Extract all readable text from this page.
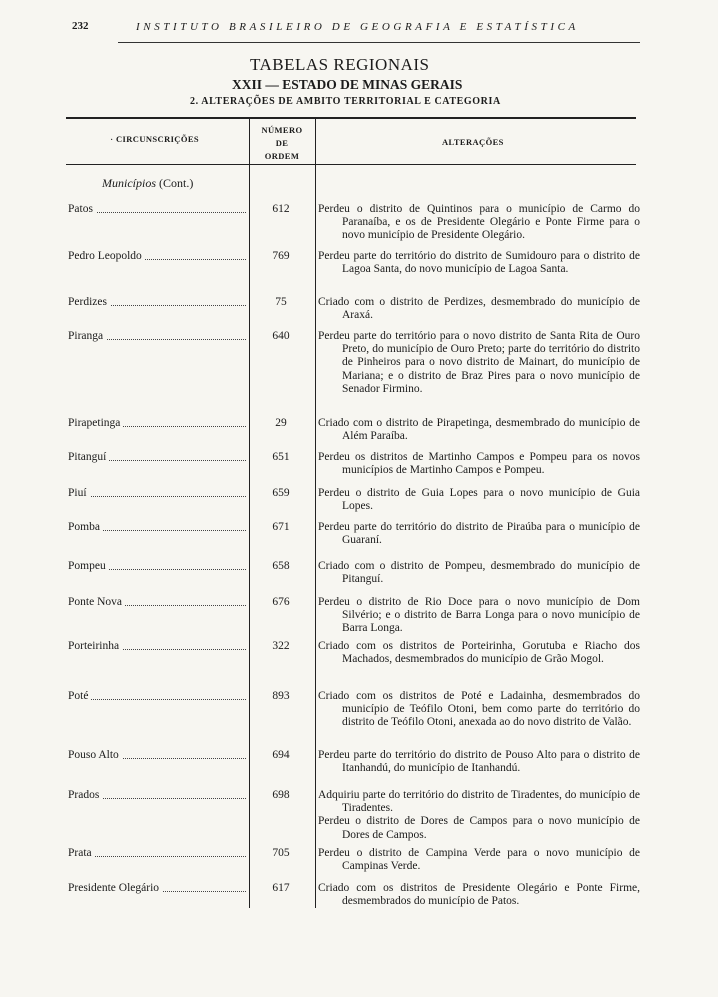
232	INSTITUTO BRASILEIRO DE GEOGRAFIA E ESTATÍSTICA
TABELAS REGIONAIS
XXII — ESTADO DE MINAS GERAIS
2. ALTERAÇÕES DE AMBITO TERRITORIAL E CATEGORIA
· CIRCUNSCRIÇÕES
NÚMERO
DE
ORDEM
ALTERAÇÕES
Municípios (Cont.)
Patos	612	Perdeu o distrito de Quintinos para o município de Carmo do Paranaíba, e os de Presidente Olegário e Ponte Firme para o novo município de Presidente Olegário.

Pedro Leopoldo	769	Perdeu parte do território do distrito de Sumidouro para o distrito de Lagoa Santa, do novo município de Lagoa Santa.

Perdizes	75	Criado com o distrito de Perdizes, desmembrado do município de Araxá.

Piranga	640	Perdeu parte do território para o novo distrito de Santa Rita de Ouro Preto, do município de Ouro Preto; parte do território do distrito de Pinheiros para o novo distrito de Mainart, do município de Mariana; e o distrito de Braz Pires para o novo município de Senador Firmino.

Pirapetinga	29	Criado com o distrito de Pirapetinga, desmembrado do município de Além Paraíba.

Pitanguí	651	Perdeu os distritos de Martinho Campos e Pompeu para os novos municípios de Martinho Campos e Pompeu.

Piuí	659	Perdeu o distrito de Guia Lopes para o novo município de Guia Lopes.

Pomba	671	Perdeu parte do território do distrito de Piraúba para o município de Guaraní.

Pompeu	658	Criado com o distrito de Pompeu, desmembrado do município de Pitanguí.

Ponte Nova	676	Perdeu o distrito de Rio Doce para o novo município de Dom Silvério; e o distrito de Barra Longa para o novo município de Barra Longa.

Porteirinha	322	Criado com os distritos de Porteirinha, Gorutuba e Riacho dos Machados, desmembrados do município de Grão Mogol.

Poté	893	Criado com os distritos de Poté e Ladainha, desmembrados do município de Teófilo Otoni, bem como parte do território do distrito de Teófilo Otoni, anexada ao do novo distrito de Valão.

Pouso Alto	694	Perdeu parte do território do distrito de Pouso Alto para o distrito de Itanhandú, do município de Itanhandú.

Prados	698	Adquiriu parte do território do distrito de Tiradentes, do município de Tiradentes.

Perdeu o distrito de Dores de Campos para o novo município de Dores de Campos.

Prata	705	Perdeu o distrito de Campina Verde para o novo município de Campinas Verde.

Presidente Olegário	617	Criado com os distritos de Presidente Olegário e Ponte Firme, desmembrados do município de Patos.
